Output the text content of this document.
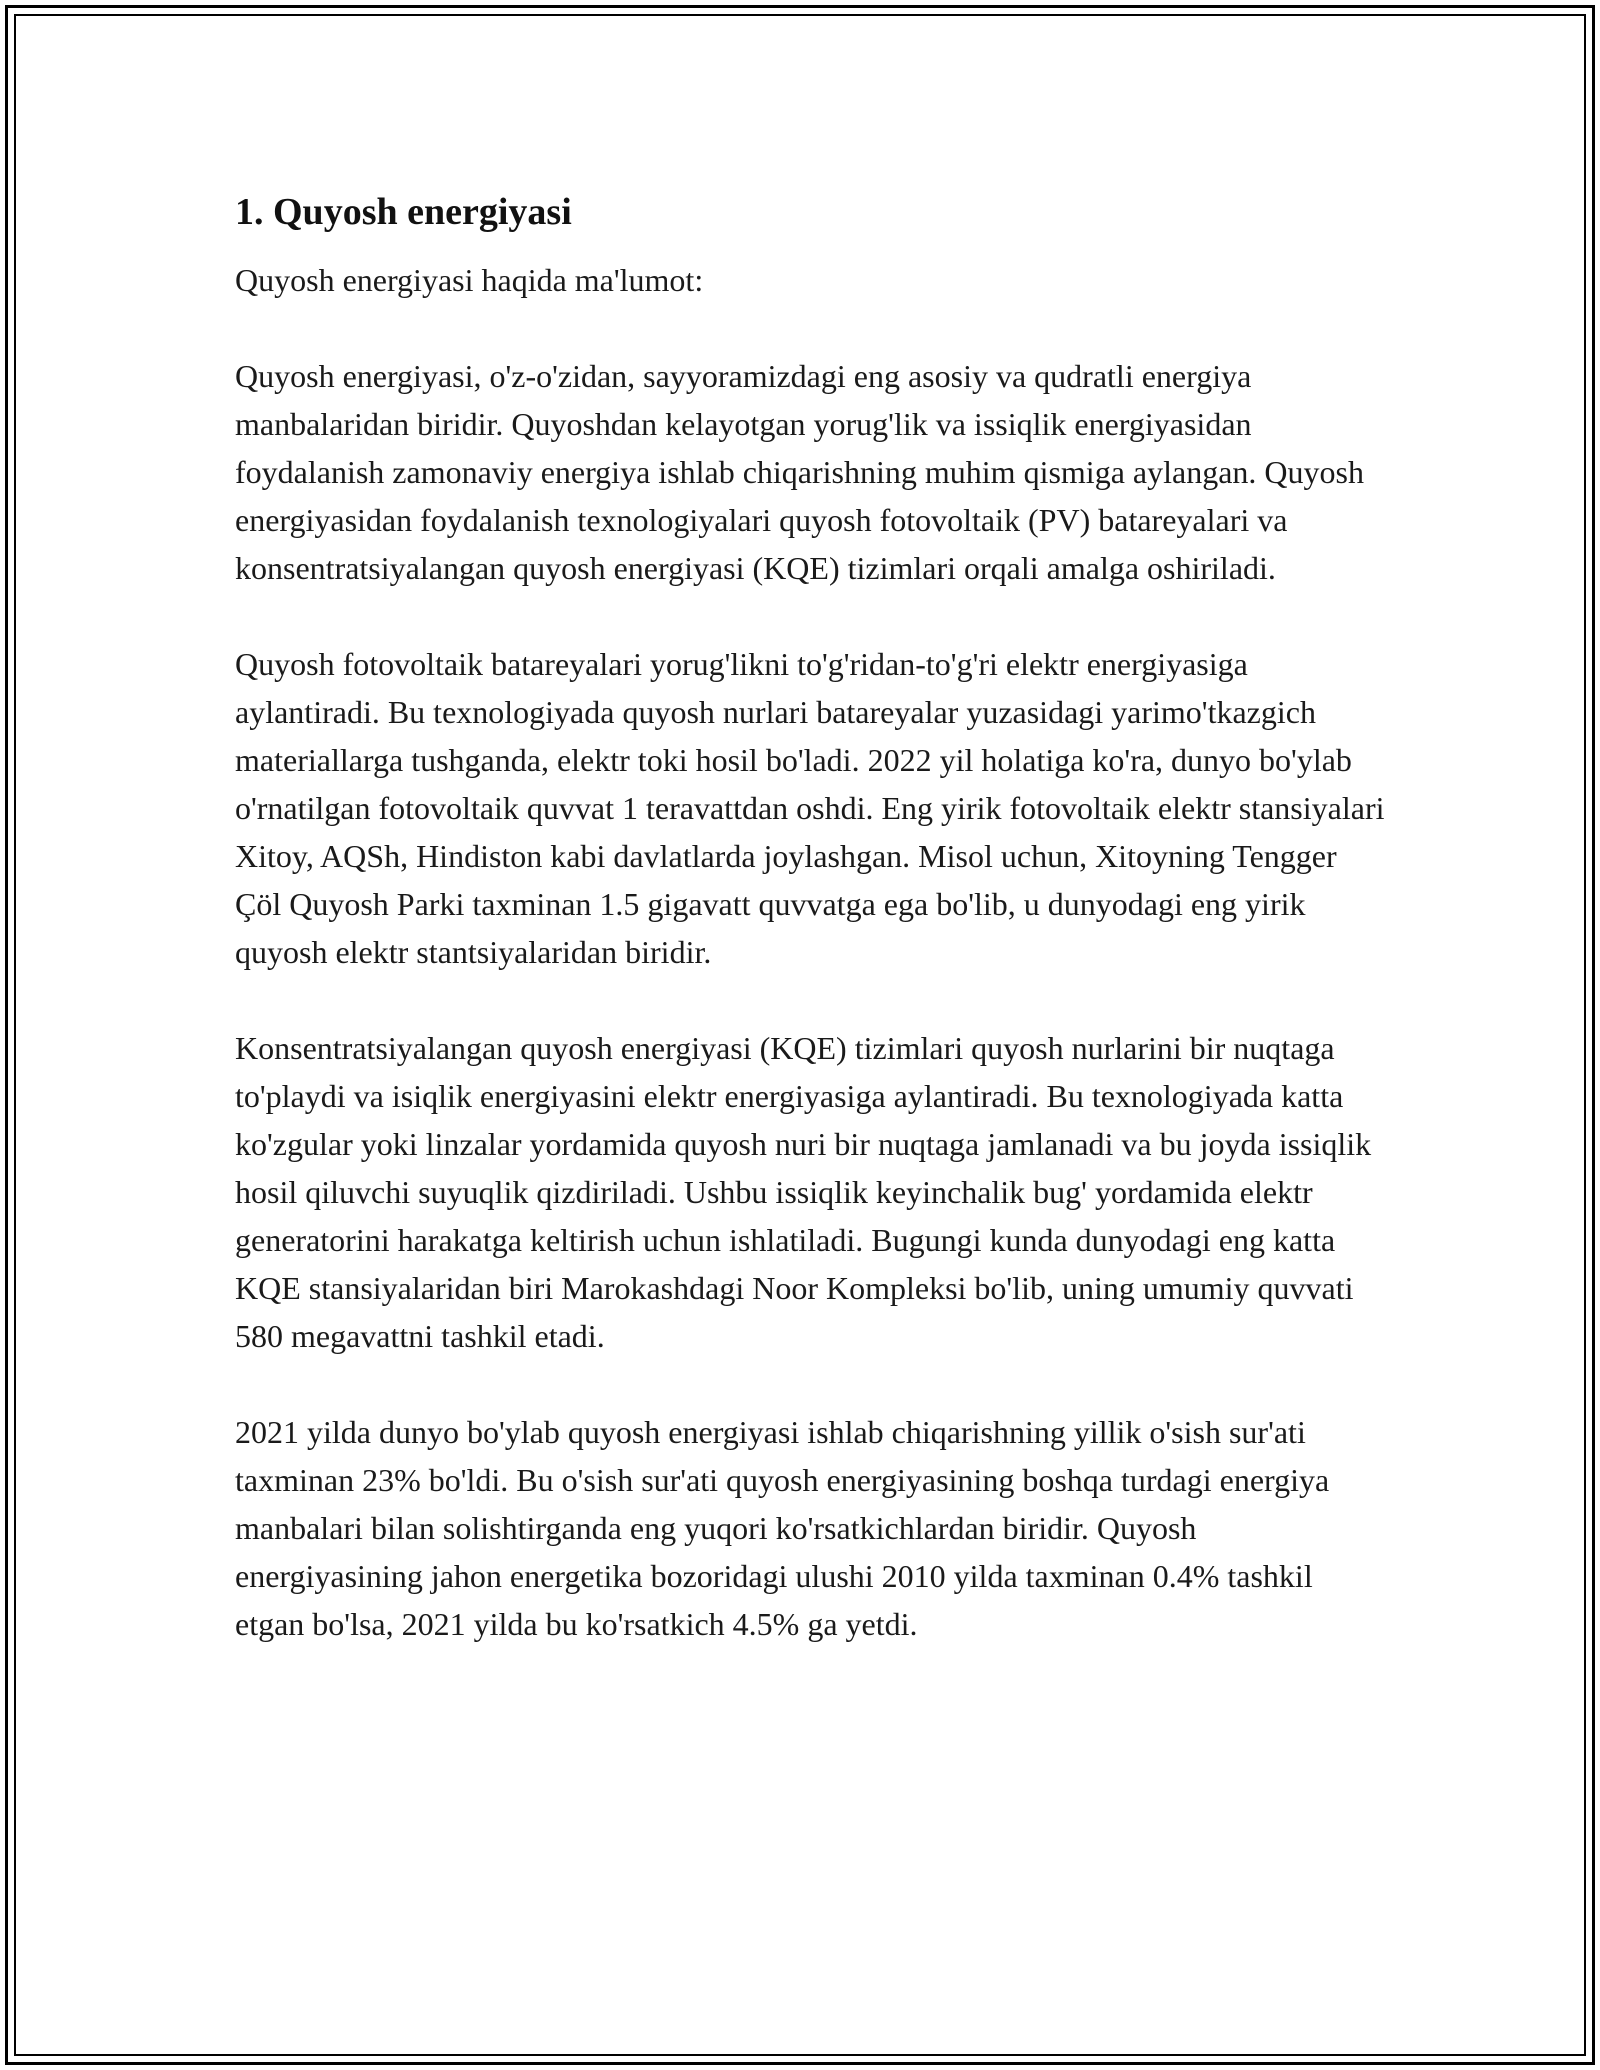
1. Quyosh energiyasi

Quyosh energiyasi haqida ma'lumot:

Quyosh energiyasi, o'z-o'zidan, sayyoramizdagi eng asosiy va qudratli energiya manbalaridan biridir. Quyoshdan kelayotgan yorug'lik va issiqlik energiyasidan foydalanish zamonaviy energiya ishlab chiqarishning muhim qismiga aylangan. Quyosh energiyasidan foydalanish texnologiyalari quyosh fotovoltaik (PV) batareyalari va konsentratsiyalangan quyosh energiyasi (KQE) tizimlari orqali amalga oshiriladi.

Quyosh fotovoltaik batareyalari yorug'likni to'g'ridan-to'g'ri elektr energiyasiga aylantiradi. Bu texnologiyada quyosh nurlari batareyalar yuzasidagi yarimo'tkazgich materiallarga tushganda, elektr toki hosil bo'ladi. 2022 yil holatiga ko'ra, dunyo bo'ylab o'rnatilgan fotovoltaik quvvat 1 teravattdan oshdi. Eng yirik fotovoltaik elektr stansiyalari Xitoy, AQSh, Hindiston kabi davlatlarda joylashgan. Misol uchun, Xitoyning Tengger Çöl Quyosh Parki taxminan 1.5 gigavatt quvvatga ega bo'lib, u dunyodagi eng yirik quyosh elektr stantsiyalaridan biridir.

Konsentratsiyalangan quyosh energiyasi (KQE) tizimlari quyosh nurlarini bir nuqtaga to'playdi va isiqlik energiyasini elektr energiyasiga aylantiradi. Bu texnologiyada katta ko'zgular yoki linzalar yordamida quyosh nuri bir nuqtaga jamlanadi va bu joyda issiqlik hosil qiluvchi suyuqlik qizdiriladi. Ushbu issiqlik keyinchalik bug' yordamida elektr generatorini harakatga keltirish uchun ishlatiladi. Bugungi kunda dunyodagi eng katta KQE stansiyalaridan biri Marokashdagi Noor Kompleksi bo'lib, uning umumiy quvvati 580 megavattni tashkil etadi.

2021 yilda dunyo bo'ylab quyosh energiyasi ishlab chiqarishning yillik o'sish sur'ati taxminan 23% bo'ldi. Bu o'sish sur'ati quyosh energiyasining boshqa turdagi energiya manbalari bilan solishtirganda eng yuqori ko'rsatkichlardan biridir. Quyosh energiyasining jahon energetika bozoridagi ulushi 2010 yilda taxminan 0.4% tashkil etgan bo'lsa, 2021 yilda bu ko'rsatkich 4.5% ga yetdi.
